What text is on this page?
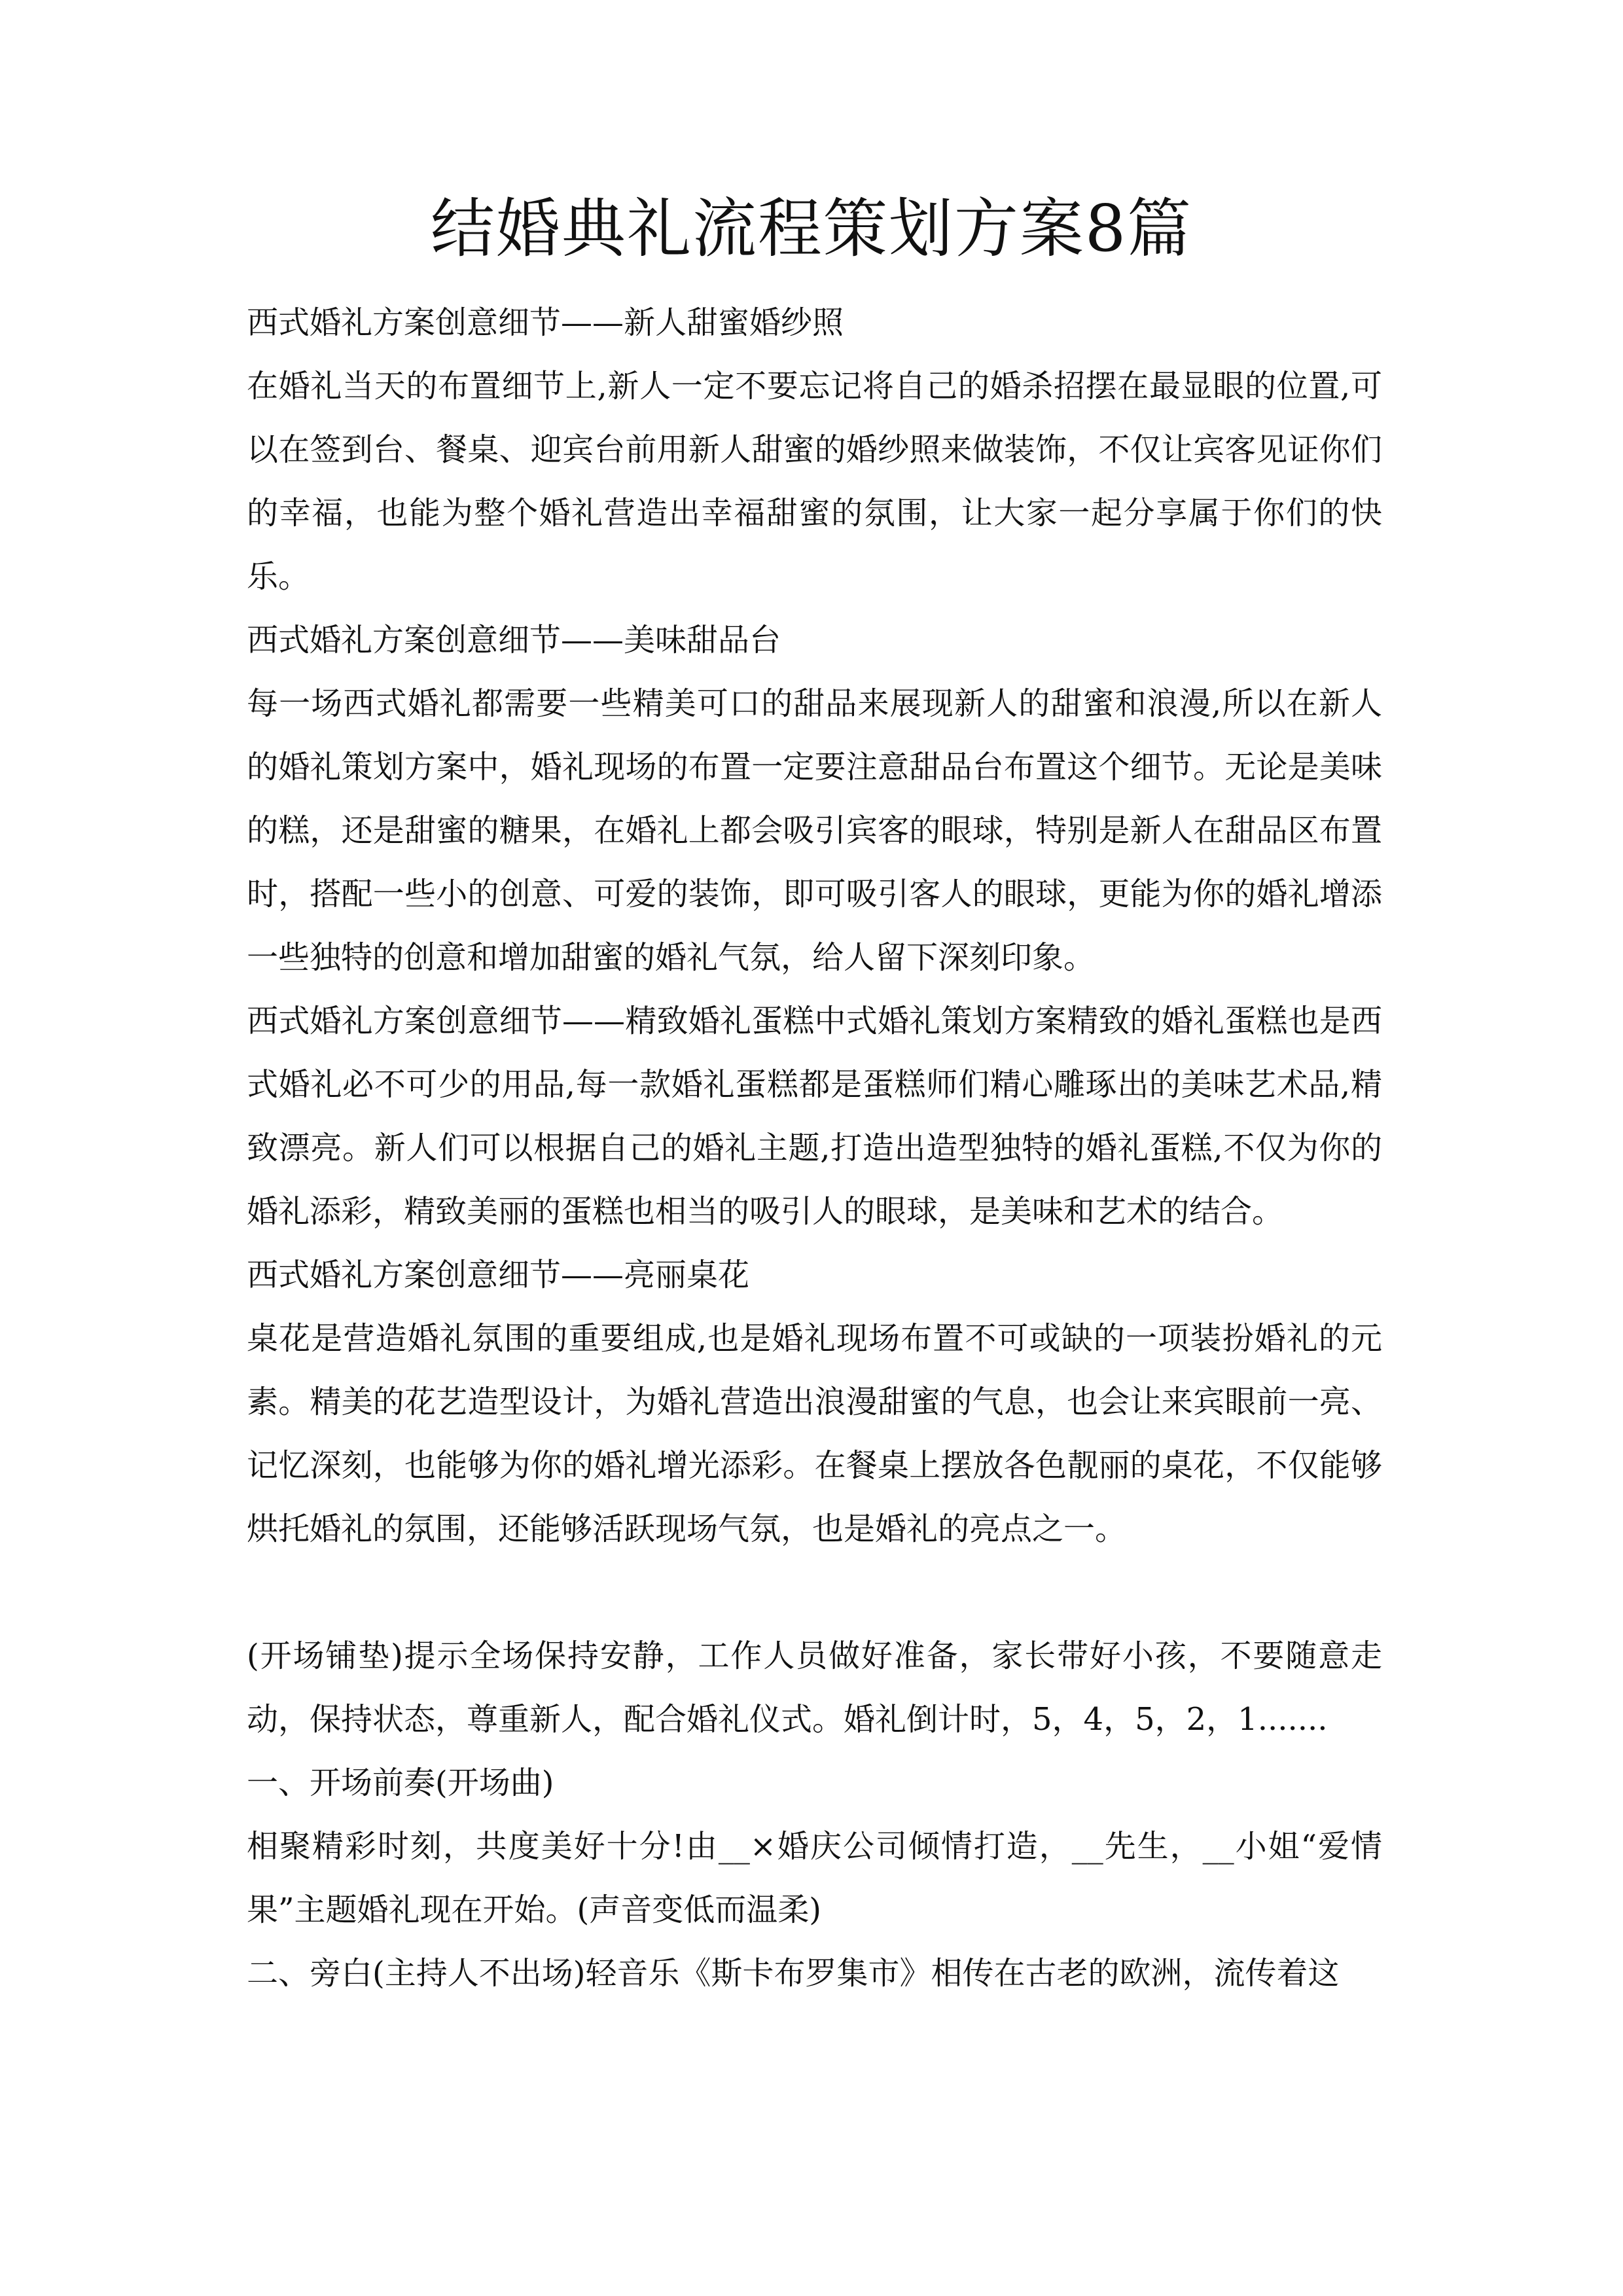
结婚典礼流程策划方案8篇

西式婚礼方案创意细节——新人甜蜜婚纱照

在婚礼当天的布置细节上,新人一定不要忘记将自己的婚杀招摆在最显眼的位置,可以在签到台、餐桌、迎宾台前用新人甜蜜的婚纱照来做装饰，不仅让宾客见证你们的幸福，也能为整个婚礼营造出幸福甜蜜的氛围，让大家一起分享属于你们的快乐。

西式婚礼方案创意细节——美味甜品台

每一场西式婚礼都需要一些精美可口的甜品来展现新人的甜蜜和浪漫,所以在新人的婚礼策划方案中，婚礼现场的布置一定要注意甜品台布置这个细节。无论是美味的糕，还是甜蜜的糖果，在婚礼上都会吸引宾客的眼球，特别是新人在甜品区布置时，搭配一些小的创意、可爱的装饰，即可吸引客人的眼球，更能为你的婚礼增添一些独特的创意和增加甜蜜的婚礼气氛，给人留下深刻印象。

西式婚礼方案创意细节——精致婚礼蛋糕中式婚礼策划方案精致的婚礼蛋糕也是西式婚礼必不可少的用品,每一款婚礼蛋糕都是蛋糕师们精心雕琢出的美味艺术品,精致漂亮。新人们可以根据自己的婚礼主题,打造出造型独特的婚礼蛋糕,不仅为你的婚礼添彩，精致美丽的蛋糕也相当的吸引人的眼球，是美味和艺术的结合。

西式婚礼方案创意细节——亮丽桌花

桌花是营造婚礼氛围的重要组成,也是婚礼现场布置不可或缺的一项装扮婚礼的元素。精美的花艺造型设计，为婚礼营造出浪漫甜蜜的气息，也会让来宾眼前一亮、记忆深刻，也能够为你的婚礼增光添彩。在餐桌上摆放各色靓丽的桌花，不仅能够烘托婚礼的氛围，还能够活跃现场气氛，也是婚礼的亮点之一。

(开场铺垫)提示全场保持安静，工作人员做好准备，家长带好小孩，不要随意走动，保持状态，尊重新人，配合婚礼仪式。婚礼倒计时，5，4，5，2，1.......

一、开场前奏(开场曲)

相聚精彩时刻，共度美好十分!由__×婚庆公司倾情打造，__先生，__小姐“爱情果”主题婚礼现在开始。(声音变低而温柔)

二、旁白(主持人不出场)轻音乐《斯卡布罗集市》相传在古老的欧洲，流传着这
